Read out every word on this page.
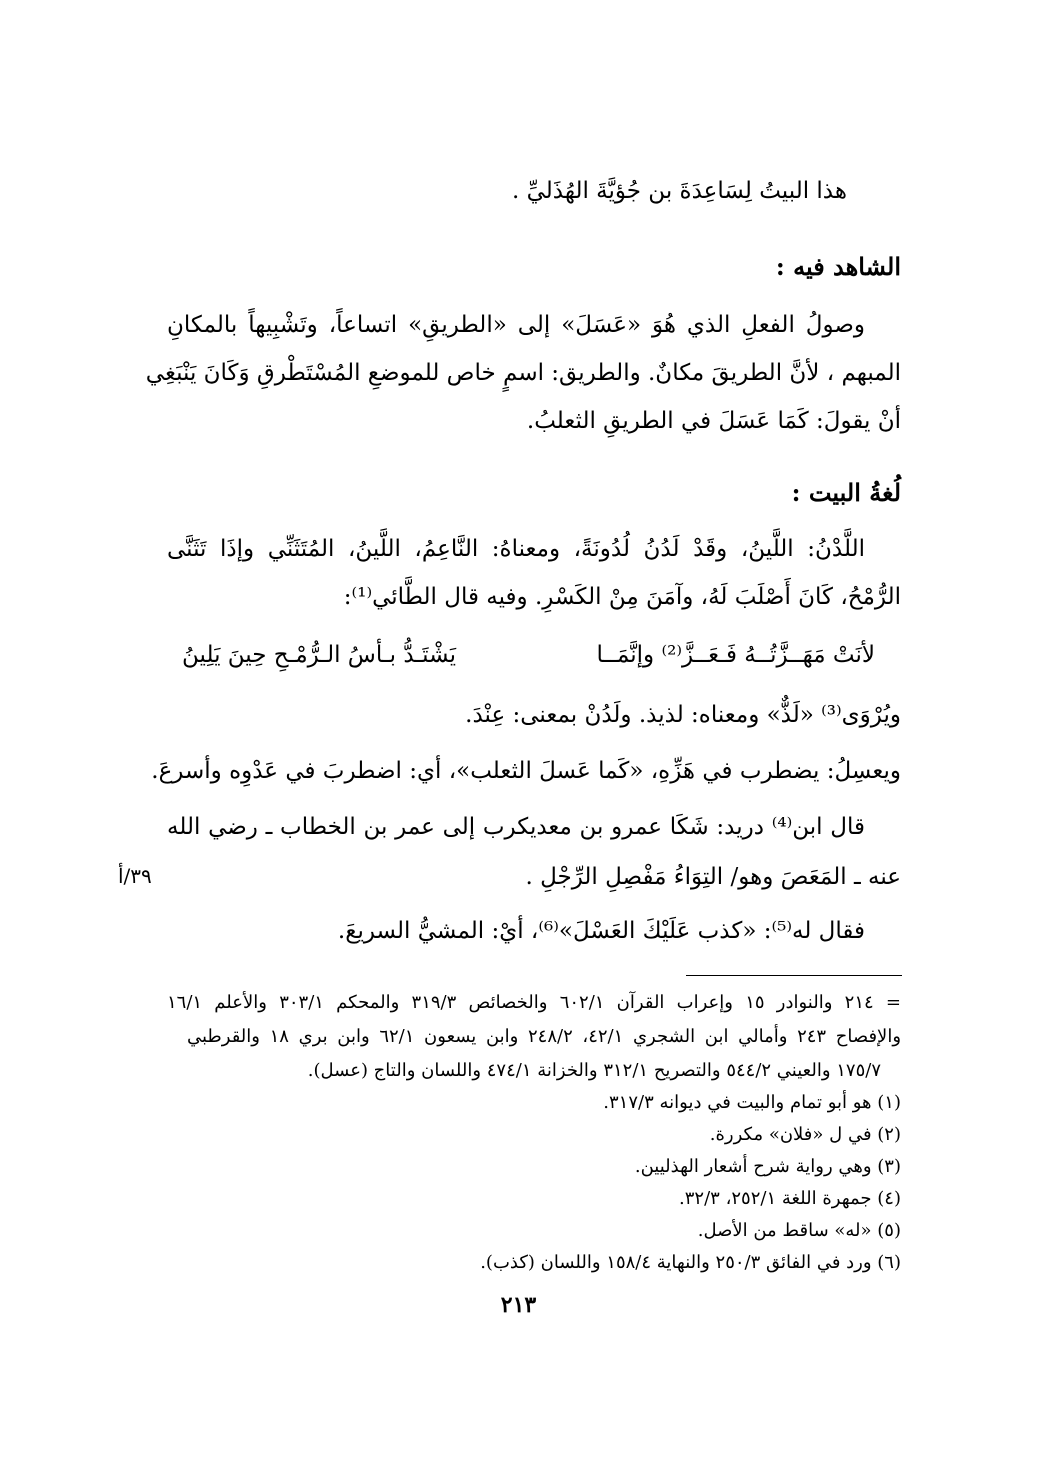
هذا البيتُ لِسَاعِدَةَ بن جُؤيَّةَ الهُذَليِّ .
الشاهد فيه :
وصولُ الفعلِ الذي هُوَ «عَسَلَ» إلى «الطريقِ» اتساعاً، وتَشْبِيهاً بالمكانِ
المبهم ، لأنَّ الطريقَ مكانٌ. والطريق: اسمٍ خاص للموضعِ المُسْتَطْرقِ وَكَانَ يَنْبَغِي
أنْ يقولَ: كَمَا عَسَلَ في الطريقِ الثعلبُ.
لُغةُ البيت :
اللَّدْنُ: اللَّينُ، وقَدْ لَدُنُ لُدُونَةً، ومعناهُ: النَّاعِمُ، اللَّينُ، المُتَثَنِّي وإذَا تَثَنَّى
الرُّمْحُ، كَانَ أَصْلَبَ لَهُ، وآمَنَ مِنْ الكَسْرِ. وفيه قال الطَّائي⁽¹⁾:
لأنَتْ مَهَــزَّتُــهُ فَـعَــزَّ⁽²⁾ وإنَّمَــا
يَشْتَـدُّ بـأسُ الـرُّمْـحِ حِينَ يَلِينُ
ويُرْوَى⁽³⁾ «لَذٌّ» ومعناه: لذيذ. ولَدُنْ بمعنى: عِنْدَ.
ويعسِلُ: يضطرب في هَزِّهِ، «كَما عَسلَ الثعلب»، أي: اضطربَ في عَدْوِه وأسرعَ.
قال ابن⁽⁴⁾ دريد: شَكَا عمرو بن معديكرب إلى عمر بن الخطاب ـ رضي الله
عنه ـ المَعَصَ وهو/ التِوَاءُ مَفْصِلِ الرِّجْلِ .
فقال له⁽⁵⁾: «كذب عَلَيْكَ العَسْلَ»⁽⁶⁾، أيْ: المشيُّ السريعَ.
٣٩/أ
= ٢١٤ والنوادر ١٥ وإعراب القرآن ٦٠٢/١ والخصائص ٣١٩/٣ والمحكم ٣٠٣/١ والأعلم ١٦/١
والإفصاح ٢٤٣ وأمالي ابن الشجري ٤٢/١، ٢٤٨/٢ وابن يسعون ٦٢/١ وابن بري ١٨ والقرطبي
١٧٥/٧ والعيني ٥٤٤/٢ والتصريح ٣١٢/١ والخزانة ٤٧٤/١ واللسان والتاج (عسل).
(١) هو أبو تمام والبيت في ديوانه ٣١٧/٣.
(٢) في ل «فلان» مكررة.
(٣) وهي رواية شرح أشعار الهذليين.
(٤) جمهرة اللغة ٢٥٢/١، ٣٢/٣.
(٥) «له» ساقط من الأصل.
(٦) ورد في الفائق ٢٥٠/٣ والنهاية ١٥٨/٤ واللسان (كذب).
٢١٣
